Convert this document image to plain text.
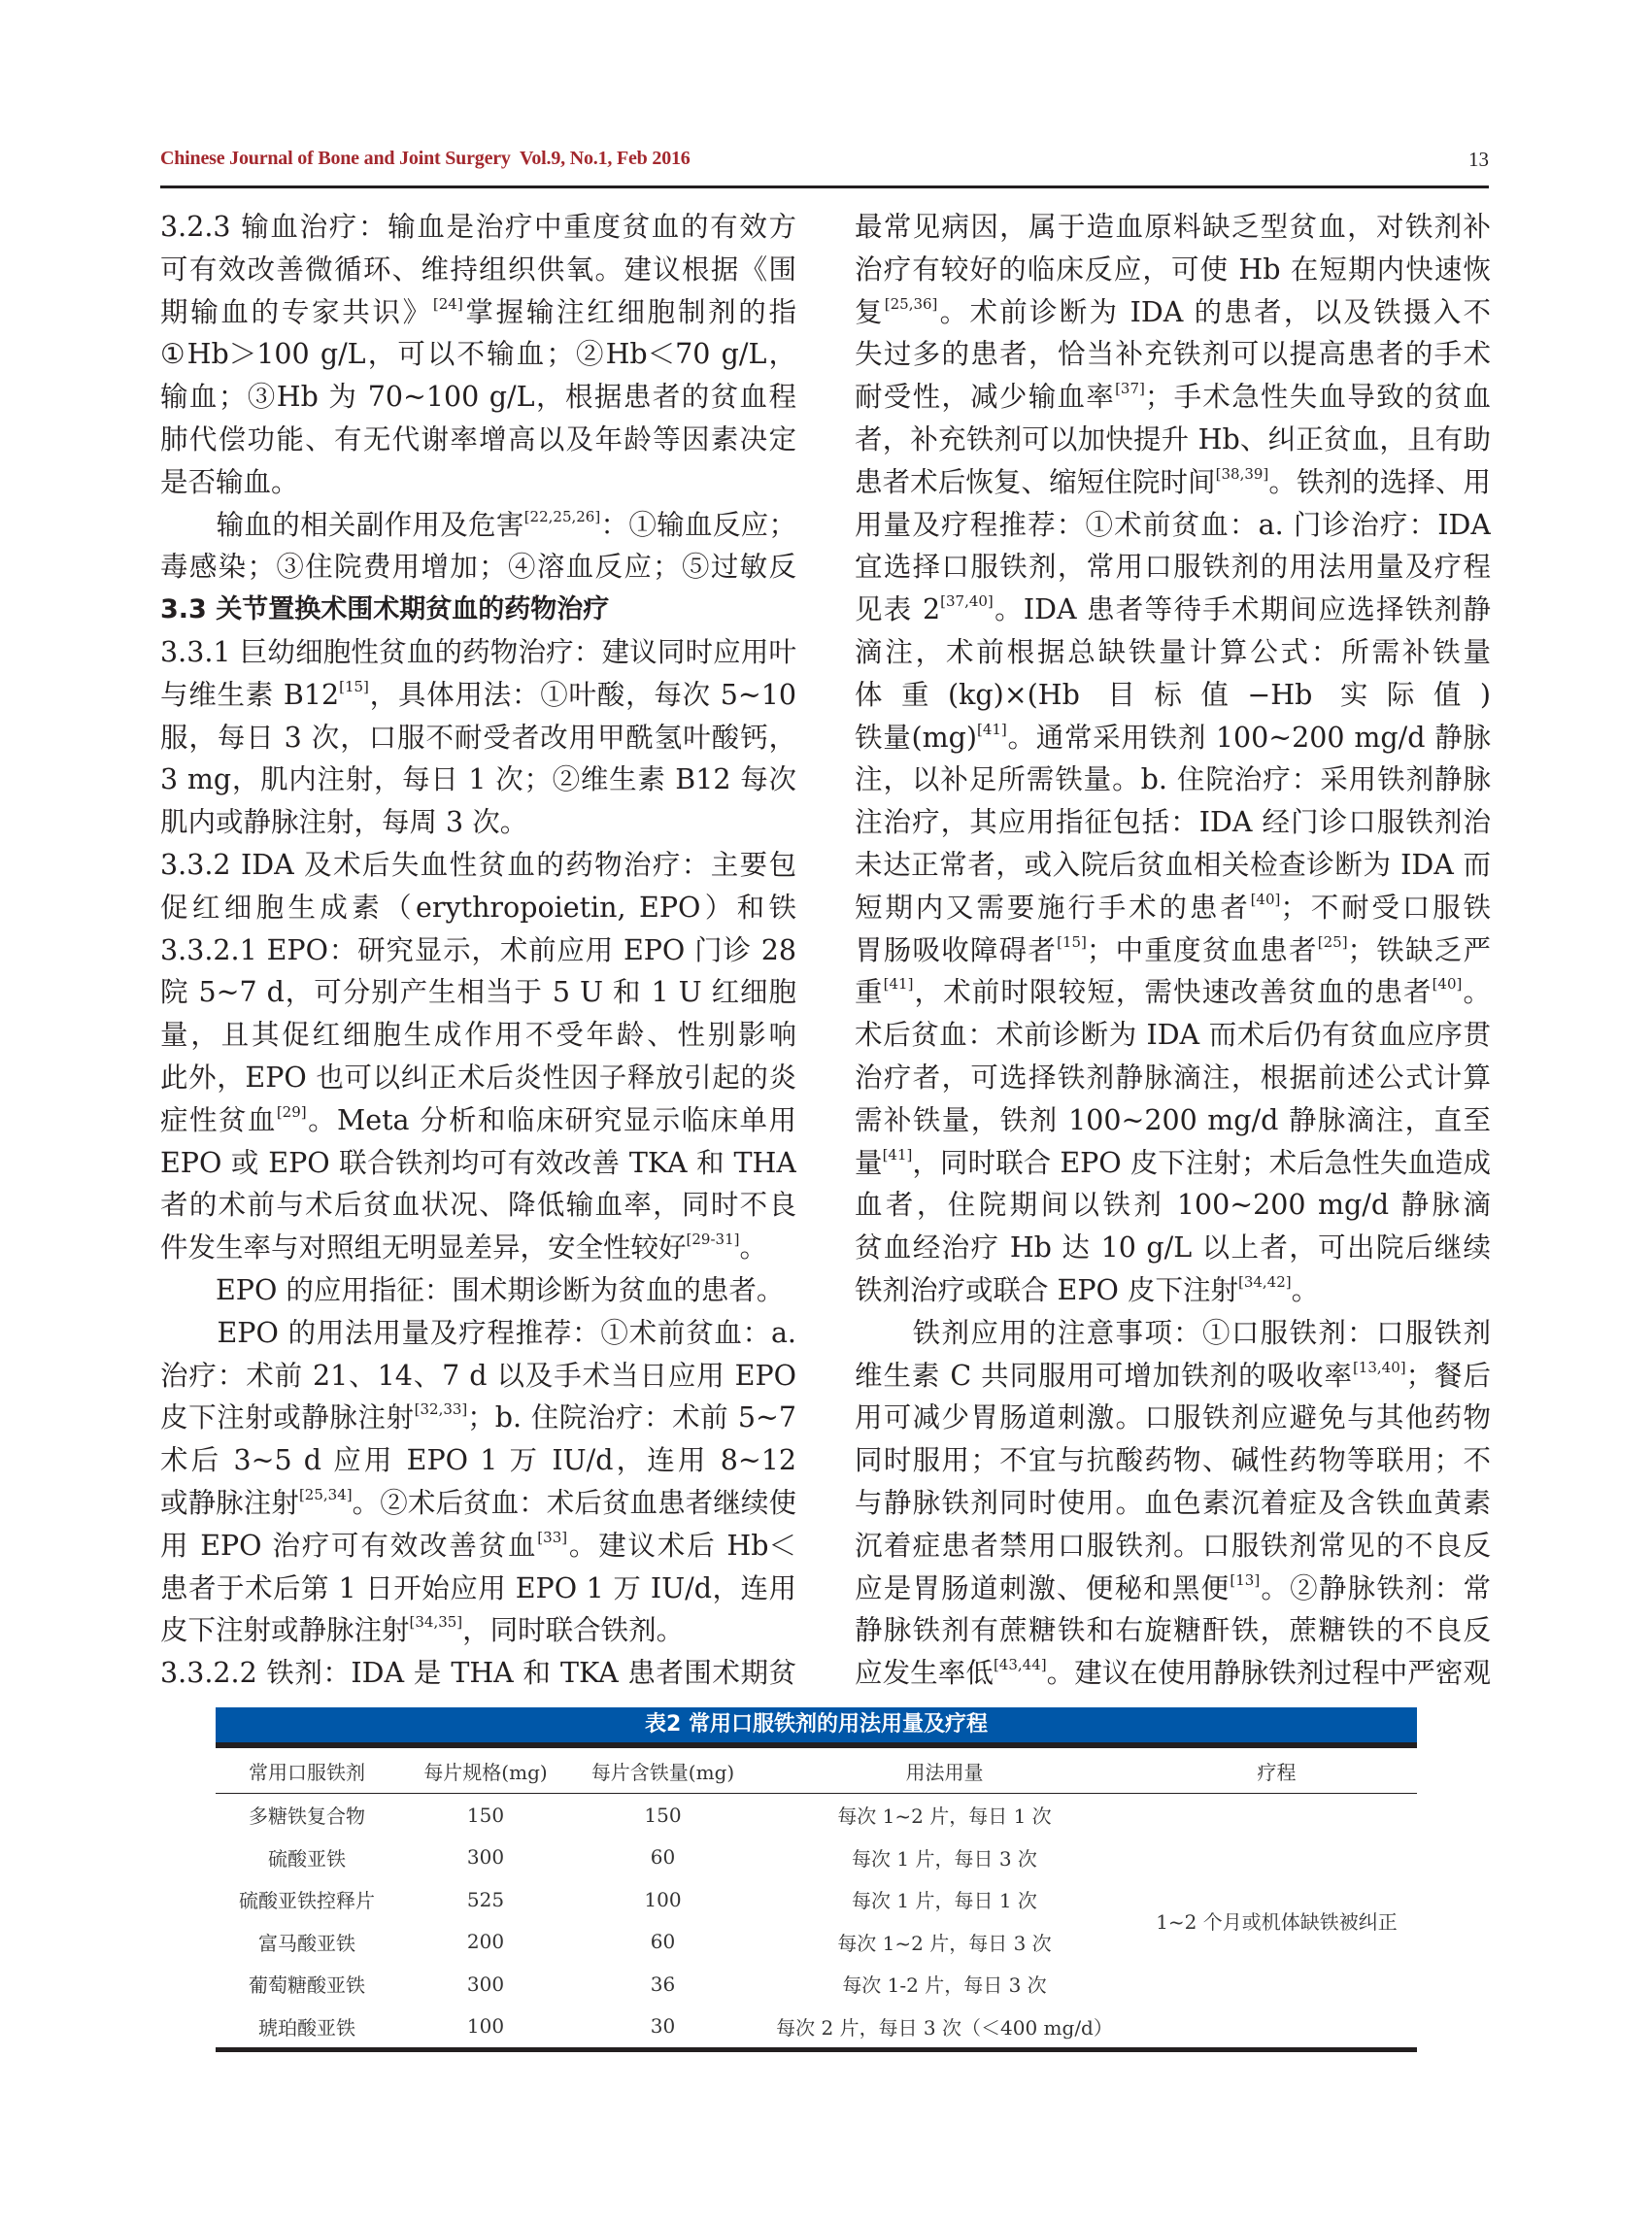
Chinese Journal of Bone and Joint Surgery  Vol.9, No.1, Feb 2016	13
3.2.3 输血治疗：输血是治疗中重度贫血的有效方
可有效改善微循环、维持组织供氧。建议根据《围
期输血的专家共识》[24]掌握输注红细胞制剂的指
①Hb＞100 g/L，可以不输血；②Hb＜70 g/L，
输血；③Hb 为 70~100 g/L，根据患者的贫血程
肺代偿功能、有无代谢率增高以及年龄等因素决定
是否输血。
　　输血的相关副作用及危害[22,25,26]：①输血反应；
毒感染；③住院费用增加；④溶血反应；⑤过敏反
3.3 关节置换术围术期贫血的药物治疗
3.3.1 巨幼细胞性贫血的药物治疗：建议同时应用叶
与维生素 B12[15]，具体用法：①叶酸，每次 5~10
服，每日 3 次，口服不耐受者改用甲酰氢叶酸钙，
3 mg，肌内注射，每日 1 次；②维生素 B12 每次
肌内或静脉注射，每周 3 次。
3.3.2 IDA 及术后失血性贫血的药物治疗：主要包
促红细胞生成素（erythropoietin, EPO）和铁
3.3.2.1 EPO：研究显示，术前应用 EPO 门诊 28
院 5~7 d，可分别产生相当于 5 U 和 1 U 红细胞
量，且其促红细胞生成作用不受年龄、性别影响
此外，EPO 也可以纠正术后炎性因子释放引起的炎
症性贫血[29]。Meta 分析和临床研究显示临床单用
EPO 或 EPO 联合铁剂均可有效改善 TKA 和 THA
者的术前与术后贫血状况、降低输血率，同时不良
件发生率与对照组无明显差异，安全性较好[29-31]。
　　EPO 的应用指征：围术期诊断为贫血的患者。
　　EPO 的用法用量及疗程推荐：①术前贫血：a.
治疗：术前 21、14、7 d 以及手术当日应用 EPO
皮下注射或静脉注射[32,33]；b. 住院治疗：术前 5~7
术后 3~5 d 应用 EPO 1 万 IU/d，连用 8~12
或静脉注射[25,34]。②术后贫血：术后贫血患者继续使
用 EPO 治疗可有效改善贫血[33]。建议术后 Hb＜
患者于术后第 1 日开始应用 EPO 1 万 IU/d，连用
皮下注射或静脉注射[34,35]，同时联合铁剂。
3.3.2.2 铁剂：IDA 是 THA 和 TKA 患者围术期贫
最常见病因，属于造血原料缺乏型贫血，对铁剂补
治疗有较好的临床反应，可使 Hb 在短期内快速恢
复[25,36]。术前诊断为 IDA 的患者，以及铁摄入不
失过多的患者，恰当补充铁剂可以提高患者的手术
耐受性，减少输血率[37]；手术急性失血导致的贫血
者，补充铁剂可以加快提升 Hb、纠正贫血，且有助
患者术后恢复、缩短住院时间[38,39]。铁剂的选择、用
用量及疗程推荐：①术前贫血：a. 门诊治疗：IDA
宜选择口服铁剂，常用口服铁剂的用法用量及疗程
见表 2[37,40]。IDA 患者等待手术期间应选择铁剂静
滴注，术前根据总缺铁量计算公式：所需补铁量
体重(kg)×(Hb 目标值−Hb 实际值)
铁量(mg)[41]。通常采用铁剂 100~200 mg/d 静脉
注，以补足所需铁量。b. 住院治疗：采用铁剂静脉
注治疗，其应用指征包括：IDA 经门诊口服铁剂治
未达正常者，或入院后贫血相关检查诊断为 IDA 而
短期内又需要施行手术的患者[40]；不耐受口服铁
胃肠吸收障碍者[15]；中重度贫血患者[25]；铁缺乏严
重[41]，术前时限较短，需快速改善贫血的患者[40]。
术后贫血：术前诊断为 IDA 而术后仍有贫血应序贯
治疗者，可选择铁剂静脉滴注，根据前述公式计算
需补铁量，铁剂 100~200 mg/d 静脉滴注，直至
量[41]，同时联合 EPO 皮下注射；术后急性失血造成
血者，住院期间以铁剂 100~200 mg/d 静脉滴
贫血经治疗 Hb 达 10 g/L 以上者，可出院后继续
铁剂治疗或联合 EPO 皮下注射[34,42]。
　　铁剂应用的注意事项：①口服铁剂：口服铁剂
维生素 C 共同服用可增加铁剂的吸收率[13,40]；餐后
用可减少胃肠道刺激。口服铁剂应避免与其他药物
同时服用；不宜与抗酸药物、碱性药物等联用；不
与静脉铁剂同时使用。血色素沉着症及含铁血黄素
沉着症患者禁用口服铁剂。口服铁剂常见的不良反
应是胃肠道刺激、便秘和黑便[13]。②静脉铁剂：常
静脉铁剂有蔗糖铁和右旋糖酐铁，蔗糖铁的不良反
应发生率低[43,44]。建议在使用静脉铁剂过程中严密观
表2 常用口服铁剂的用法用量及疗程
常用口服铁剂	每片规格(mg)	每片含铁量(mg)	用法用量	疗程
多糖铁复合物	150	150	每次 1~2 片，每日 1 次	1~2 个月或机体缺铁被纠正
硫酸亚铁	300	60	每次 1 片，每日 3 次	
硫酸亚铁控释片	525	100	每次 1 片，每日 1 次	
富马酸亚铁	200	60	每次 1~2 片，每日 3 次	
葡萄糖酸亚铁	300	36	每次 1-2 片，每日 3 次	
琥珀酸亚铁	100	30	每次 2 片，每日 3 次（＜400 mg/d）	
